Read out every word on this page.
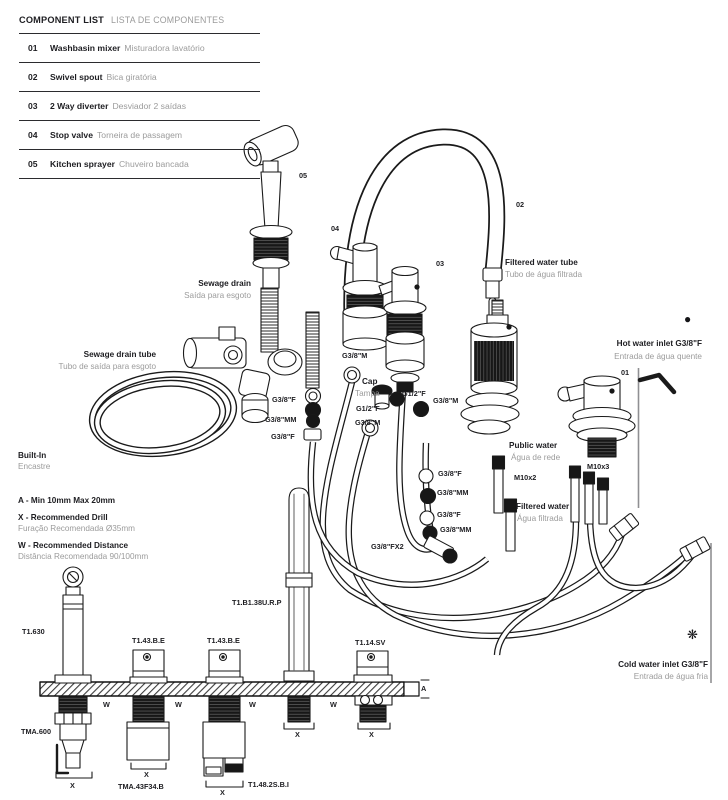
COMPONENT LIST LISTA DE COMPONENTES
01	Washbasin mixer Misturadora lavatório
02	Swivel spout Bica giratória
03	2 Way diverter Desviador 2 saídas
04	Stop valve Torneira de passagem
05	Kitchen sprayer Chuveiro bancada
05
02
04
03
01
Sewage drain
Saída para esgoto
Sewage drain tube
Tubo de saída para esgoto
Filtered water tube
Tubo de água filtrada
Hot water inlet G3/8"F
Entrada de água quente
Cold water inlet G3/8"F
Entrada de água fria
Public water
Água de rede
Filtered water
Água filtrada
Cap
Tampa
G3/8"M
G1/2"F
G3/8"M
G1/2"F
G3/8"M
G3/8"F
G3/8"MM
G3/8"F
G3/8"F
G3/8"MM
G3/8"F
G3/8"MM
G3/8"FX2
M10x2
M10x3
Built-In
Encastre
A - Min 10mm Max 20mm
X - Recommended Drill
Furação Recomendada Ø35mm
W - Recommended Distance
Distância Recomendada 90/100mm
T1.630
T1.43.B.E	T1.43.B.E
T1.B1.38U.R.P
T1.14.SV
TMA.600
TMA.43F34.B	T1.48.2S.B.I
A
W	W	W	W
X
X
X
X	X
●
❋
